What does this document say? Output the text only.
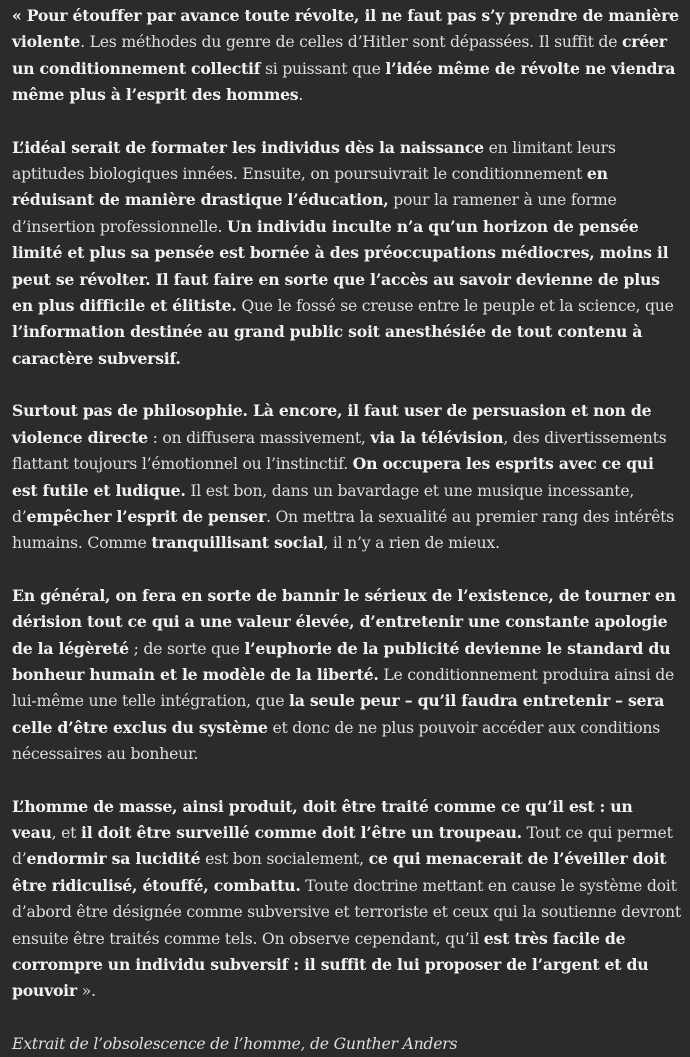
« Pour étouffer par avance toute révolte, il ne faut pas s’y prendre de manière violente. Les méthodes du genre de celles d’Hitler sont dépassées. Il suffit de créer un conditionnement collectif si puissant que l’idée même de révolte ne viendra même plus à l’esprit des hommes.

L’idéal serait de formater les individus dès la naissance en limitant leurs aptitudes biologiques innées. Ensuite, on poursuivrait le conditionnement en réduisant de manière drastique l’éducation, pour la ramener à une forme d’insertion professionnelle. Un individu inculte n’a qu’un horizon de pensée limité et plus sa pensée est bornée à des préoccupations médiocres, moins il peut se révolter. Il faut faire en sorte que l’accès au savoir devienne de plus en plus difficile et élitiste. Que le fossé se creuse entre le peuple et la science, que l’information destinée au grand public soit anesthésiée de tout contenu à caractère subversif.

Surtout pas de philosophie. Là encore, il faut user de persuasion et non de violence directe : on diffusera massivement, via la télévision, des divertissements flattant toujours l’émotionnel ou l’instinctif. On occupera les esprits avec ce qui est futile et ludique. Il est bon, dans un bavardage et une musique incessante, d’empêcher l’esprit de penser. On mettra la sexualité au premier rang des intérêts humains. Comme tranquillisant social, il n’y a rien de mieux.

En général, on fera en sorte de bannir le sérieux de l’existence, de tourner en dérision tout ce qui a une valeur élevée, d’entretenir une constante apologie de la légèreté ; de sorte que l’euphorie de la publicité devienne le standard du bonheur humain et le modèle de la liberté. Le conditionnement produira ainsi de lui-même une telle intégration, que la seule peur – qu’il faudra entretenir – sera celle d’être exclus du système et donc de ne plus pouvoir accéder aux conditions nécessaires au bonheur.

L’homme de masse, ainsi produit, doit être traité comme ce qu’il est : un veau, et il doit être surveillé comme doit l’être un troupeau. Tout ce qui permet d’endormir sa lucidité est bon socialement, ce qui menacerait de l’éveiller doit être ridiculisé, étouffé, combattu. Toute doctrine mettant en cause le système doit d’abord être désignée comme subversive et terroriste et ceux qui la soutienne devront ensuite être traités comme tels. On observe cependant, qu’il est très facile de corrompre un individu subversif : il suffit de lui proposer de l’argent et du pouvoir ».

Extrait de l’obsolescence de l’homme, de Gunther Anders
